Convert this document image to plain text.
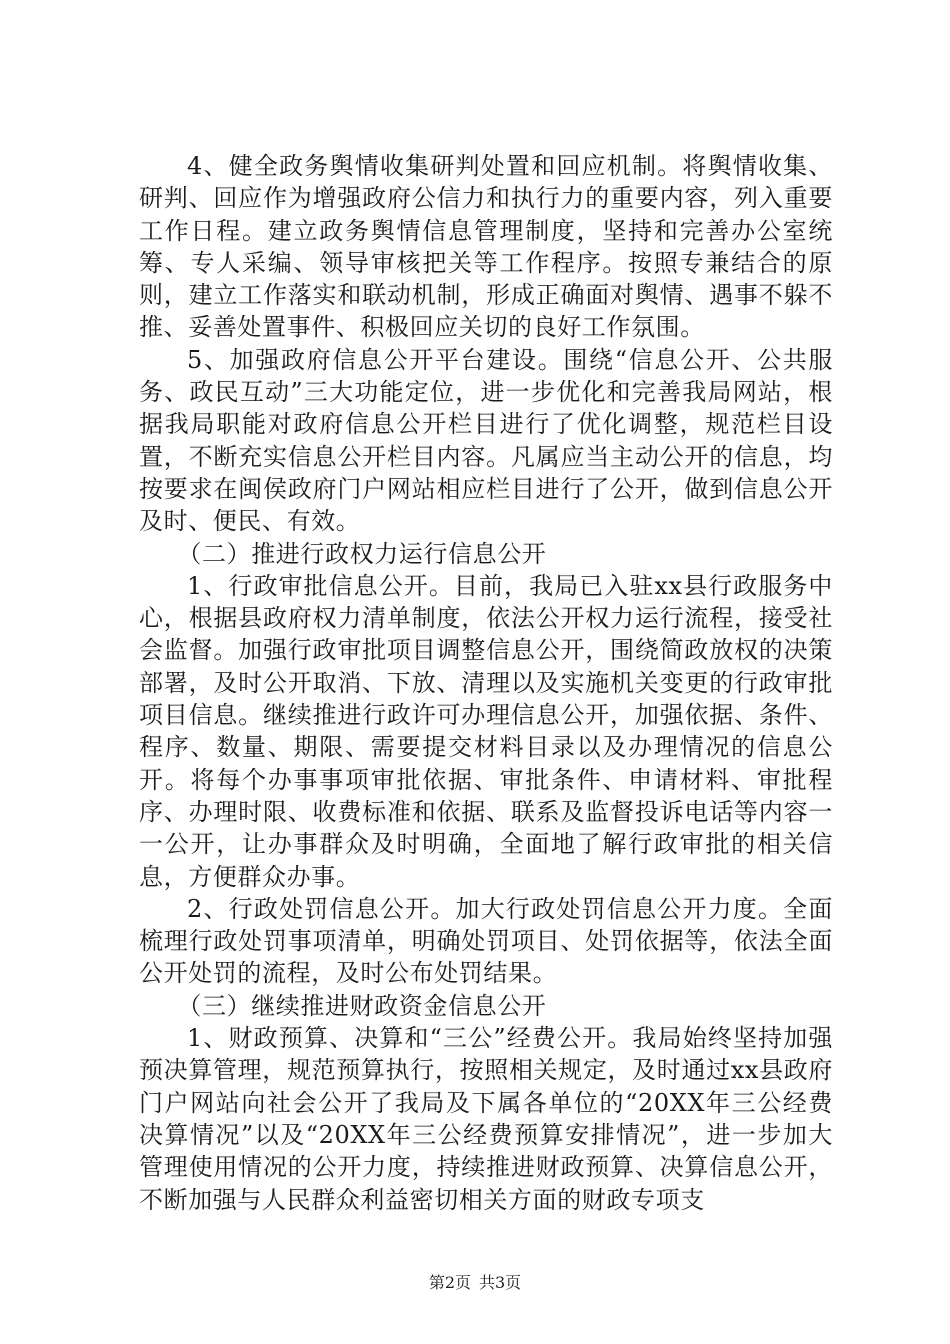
4、健全政务舆情收集研判处置和回应机制。将舆情收集、研判、回应作为增强政府公信力和执行力的重要内容，列入重要工作日程。建立政务舆情信息管理制度，坚持和完善办公室统筹、专人采编、领导审核把关等工作程序。按照专兼结合的原则，建立工作落实和联动机制，形成正确面对舆情、遇事不躲不推、妥善处置事件、积极回应关切的良好工作氛围。

5、加强政府信息公开平台建设。围绕“信息公开、公共服务、政民互动”三大功能定位，进一步优化和完善我局网站，根据我局职能对政府信息公开栏目进行了优化调整，规范栏目设置，不断充实信息公开栏目内容。凡属应当主动公开的信息，均按要求在闽侯政府门户网站相应栏目进行了公开，做到信息公开及时、便民、有效。

（二）推进行政权力运行信息公开

1、行政审批信息公开。目前，我局已入驻xx县行政服务中心，根据县政府权力清单制度，依法公开权力运行流程，接受社会监督。加强行政审批项目调整信息公开，围绕简政放权的决策部署，及时公开取消、下放、清理以及实施机关变更的行政审批项目信息。继续推进行政许可办理信息公开，加强依据、条件、程序、数量、期限、需要提交材料目录以及办理情况的信息公开。将每个办事事项审批依据、审批条件、申请材料、审批程序、办理时限、收费标准和依据、联系及监督投诉电话等内容一一公开，让办事群众及时明确，全面地了解行政审批的相关信息，方便群众办事。

2、行政处罚信息公开。加大行政处罚信息公开力度。全面梳理行政处罚事项清单，明确处罚项目、处罚依据等，依法全面公开处罚的流程，及时公布处罚结果。

（三）继续推进财政资金信息公开

1、财政预算、决算和“三公”经费公开。我局始终坚持加强预决算管理，规范预算执行，按照相关规定，及时通过xx县政府门户网站向社会公开了我局及下属各单位的“20XX年三公经费决算情况”以及“20XX年三公经费预算安排情况”，进一步加大管理使用情况的公开力度，持续推进财政预算、决算信息公开，不断加强与人民群众利益密切相关方面的财政专项支

第2页 共3页
